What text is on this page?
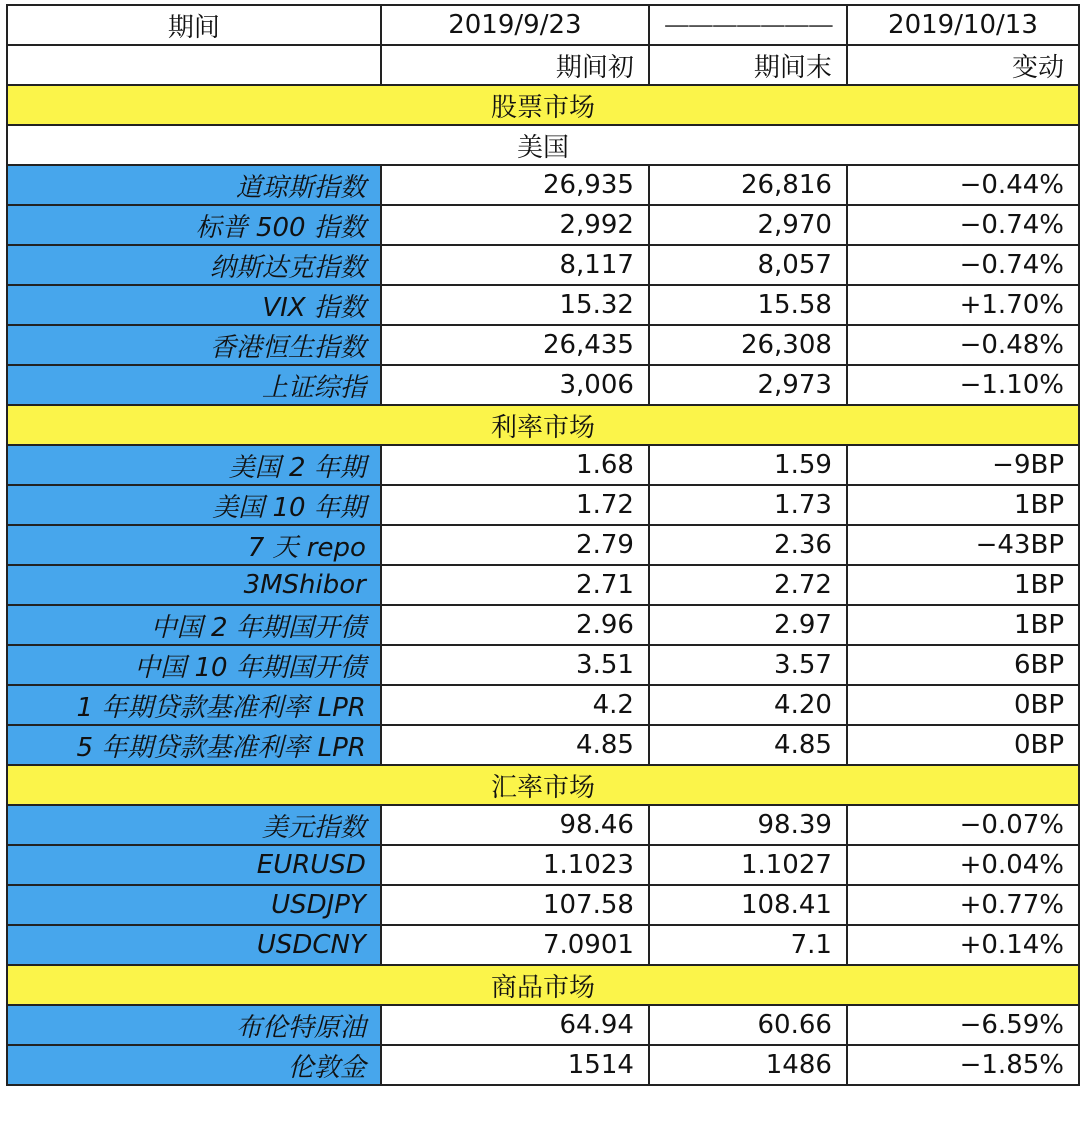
期间	2019/9/23	———————	2019/10/13
	期间初	期间末	变动
股票市场			
美国			
道琼斯指数	26,935	26,816	−0.44%
标普 500 指数	2,992	2,970	−0.74%
纳斯达克指数	8,117	8,057	−0.74%
VIX 指数	15.32	15.58	+1.70%
香港恒生指数	26,435	26,308	−0.48%
上证综指	3,006	2,973	−1.10%
利率市场			
美国 2 年期	1.68	1.59	−9BP
美国 10 年期	1.72	1.73	1BP
7 天 repo	2.79	2.36	−43BP
3MShibor	2.71	2.72	1BP
中国 2 年期国开债	2.96	2.97	1BP
中国 10 年期国开债	3.51	3.57	6BP
1 年期贷款基准利率 LPR	4.2	4.20	0BP
5 年期贷款基准利率 LPR	4.85	4.85	0BP
汇率市场			
美元指数	98.46	98.39	−0.07%
EURUSD	1.1023	1.1027	+0.04%
USDJPY	107.58	108.41	+0.77%
USDCNY	7.0901	7.1	+0.14%
商品市场			
布伦特原油	64.94	60.66	−6.59%
伦敦金	1514	1486	−1.85%
